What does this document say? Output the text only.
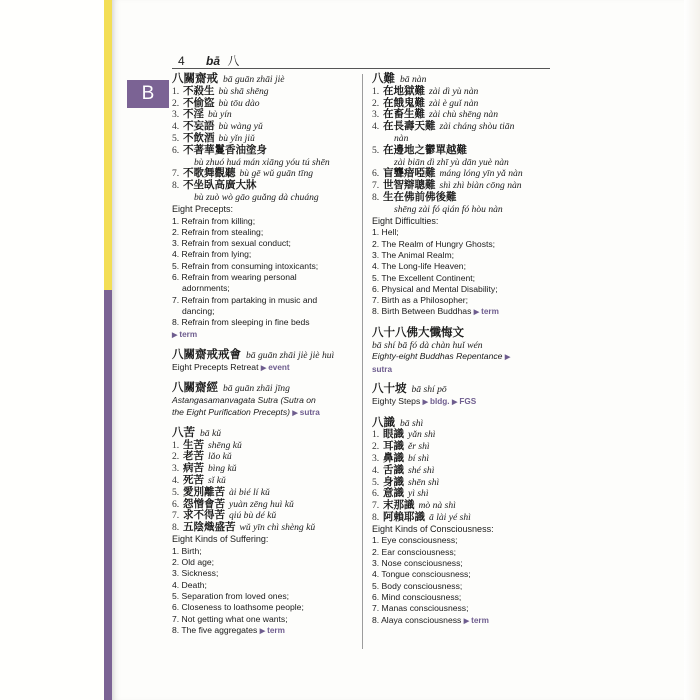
4 bā 八
B
八關齋戒 bā guān zhāi jiè
1. 不殺生 bù shā shēng
2. 不偷盜 bù tōu dào
3. 不淫 bù yín
4. 不妄語 bù wàng yǔ
5. 不飲酒 bù yǐn jiǔ
6. 不著華鬘香油塗身
bù zhuó huá mán xiāng yóu tú shēn
7. 不歌舞觀聽 bù gē wǔ guān tīng
8. 不坐臥高廣大牀
bù zuò wò gāo guǎng dà chuáng
Eight Precepts:
1. Refrain from killing;
2. Refrain from stealing;
3. Refrain from sexual conduct;
4. Refrain from lying;
5. Refrain from consuming intoxicants;
6. Refrain from wearing personal
adornments;
7. Refrain from partaking in music and
dancing;
8. Refrain from sleeping in fine beds
▶ term
八關齋戒戒會 bā guān zhāi jiè jiè huì
Eight Precepts Retreat ▶ event
八關齋經 bā guān zhāi jīng
Astangasamanvagata Sutra (Sutra on
the Eight Purification Precepts) ▶ sutra
八苦 bā kǔ
1. 生苦 shēng kǔ
2. 老苦 lǎo kǔ
3. 病苦 bìng kǔ
4. 死苦 sǐ kǔ
5. 愛別離苦 ài bié lí kǔ
6. 怨憎會苦 yuàn zēng huì kǔ
7. 求不得苦 qiú bù dé kǔ
8. 五陰熾盛苦 wǔ yīn chì shèng kǔ
Eight Kinds of Suffering:
1. Birth;
2. Old age;
3. Sickness;
4. Death;
5. Separation from loved ones;
6. Closeness to loathsome people;
7. Not getting what one wants;
8. The five aggregates ▶ term
八難 bā nàn
1. 在地獄難 zài dì yù nàn
2. 在餓鬼難 zài è guǐ nàn
3. 在畜生難 zài chù shēng nàn
4. 在長壽天難 zài cháng shòu tiān
nàn
5. 在邊地之鬱單越難
zài biān dì zhī yù dān yuè nàn
6. 盲聾瘖啞難 máng lóng yīn yǎ nàn
7. 世智辯聰難 shì zhì biàn cōng nàn
8. 生在佛前佛後難
shēng zài fó qián fó hòu nàn
Eight Difficulties:
1. Hell;
2. The Realm of Hungry Ghosts;
3. The Animal Realm;
4. The Long-life Heaven;
5. The Excellent Continent;
6. Physical and Mental Disability;
7. Birth as a Philosopher;
8. Birth Between Buddhas ▶ term
八十八佛大懺悔文
bā shí bā fó dà chàn huǐ wén
Eighty-eight Buddhas Repentance ▶
sutra
八十坡 bā shí pō
Eighty Steps ▶ bldg. ▶ FGS
八識 bā shì
1. 眼識 yǎn shì
2. 耳識 ěr shì
3. 鼻識 bí shì
4. 舌識 shé shì
5. 身識 shēn shì
6. 意識 yì shì
7. 末那識 mò nà shì
8. 阿賴耶識 ā lài yé shì
Eight Kinds of Consciousness:
1. Eye consciousness;
2. Ear consciousness;
3. Nose consciousness;
4. Tongue consciousness;
5. Body consciousness;
6. Mind consciousness;
7. Manas consciousness;
8. Alaya consciousness ▶ term
